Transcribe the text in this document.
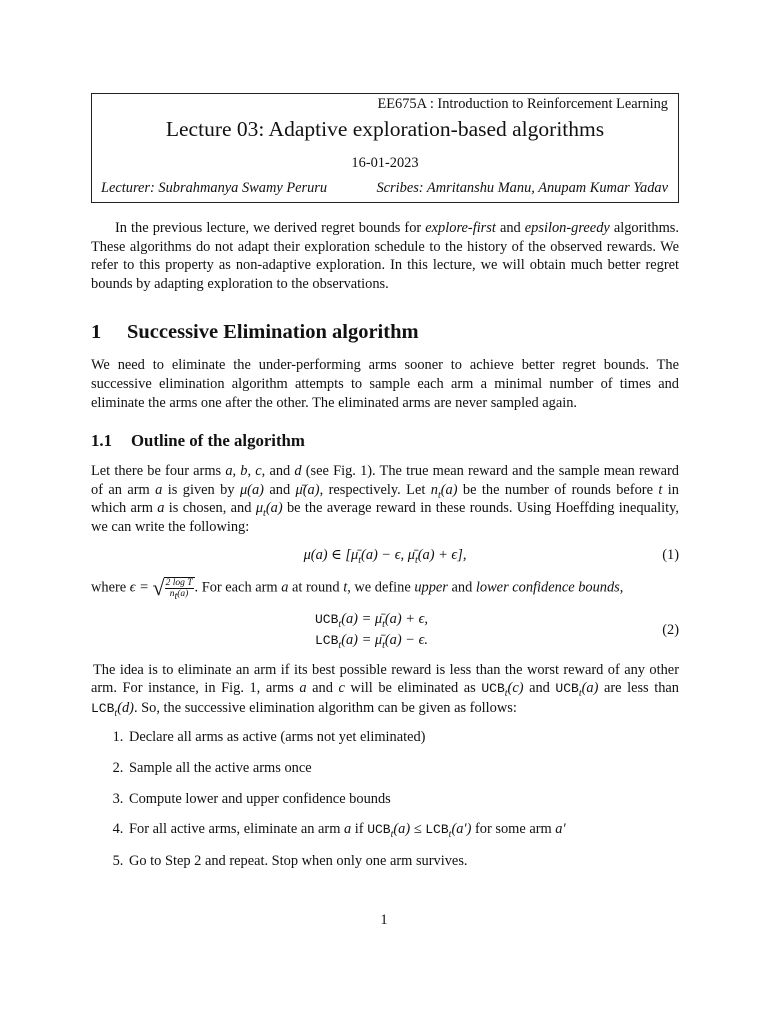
EE675A : Introduction to Reinforcement Learning
Lecture 03: Adaptive exploration-based algorithms
16-01-2023
Lecturer: Subrahmanya Swamy Peruru	Scribes: Amritanshu Manu, Anupam Kumar Yadav

In the previous lecture, we derived regret bounds for explore-first and epsilon-greedy algorithms. These algorithms do not adapt their exploration schedule to the history of the observed rewards. We refer to this property as non-adaptive exploration. In this lecture, we will obtain much better regret bounds by adapting exploration to the observations.

1 Successive Elimination algorithm

We need to eliminate the under-performing arms sooner to achieve better regret bounds. The successive elimination algorithm attempts to sample each arm a minimal number of times and eliminate the arms one after the other. The eliminated arms are never sampled again.

1.1 Outline of the algorithm

Let there be four arms a, b, c, and d (see Fig. 1). The true mean reward and the sample mean reward of an arm a is given by μ(a) and μ̄(a), respectively. Let $n_t(a)$ be the number of rounds before t in which arm a is chosen, and $\mu_t(a)$ be the average reward in these rounds. Using Hoeffding inequality, we can write the following:

μ(a) ∈ [$\mū_t(a) - \epsilon$, $\mū_t(a) + \epsilon$],	(1)

where ϵ = √ $\frac{\text{2 log T}}{n_t(a)}$ . For each arm a at round t, we define upper and lower confidence bounds,

$UCB_t(a)$ = $\mū_t(a) + \epsilon$,
$LCB_t(a)$ = $\mū_t(a) - \epsilon$.
(2)

The idea is to eliminate an arm if its best possible reward is less than the worst reward of any other arm. For instance, in Fig. 1, arms a and c will be eliminated as $UCB_t(c)$ and $UCB_t(a)$ are less than $LCB_t(d)$. So, the successive elimination algorithm can be given as follows:

1. Declare all arms as active (arms not yet eliminated)
2. Sample all the active arms once
3. Compute lower and upper confidence bounds
4. For all active arms, eliminate an arm a if $UCB_t(a) \le LCB_t(a')$ for some arm a′
5. Go to Step 2 and repeat. Stop when only one arm survives.
1
